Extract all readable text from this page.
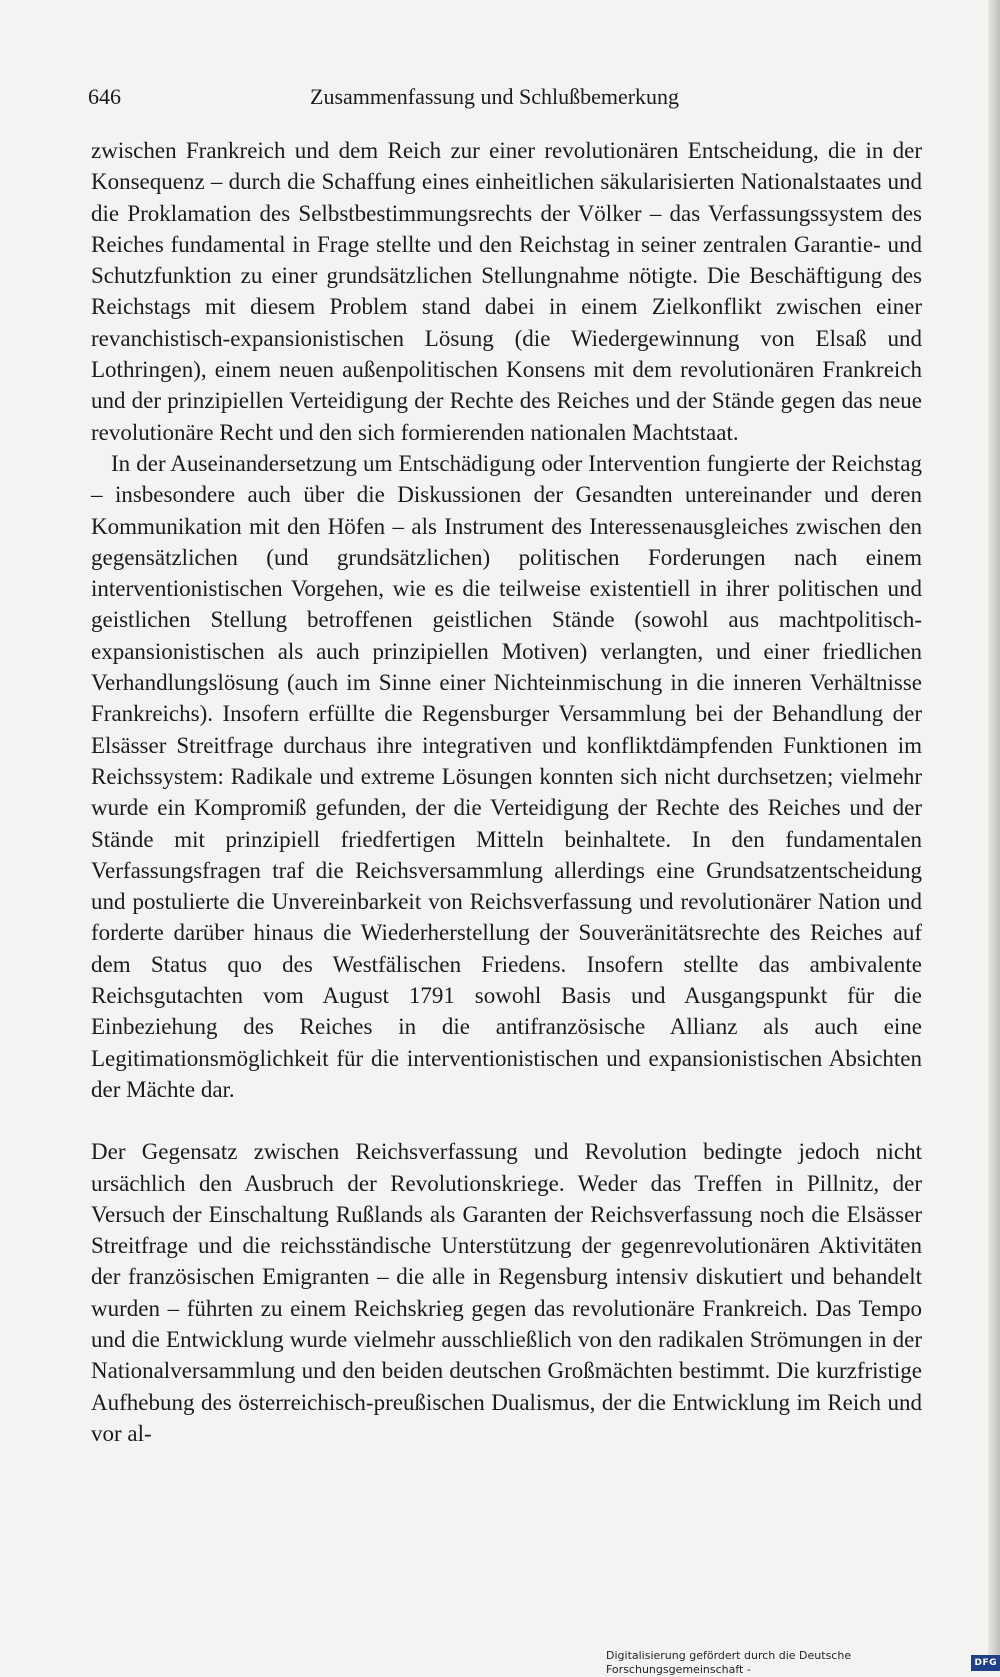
646	Zusammenfassung und Schlußbemerkung

zwischen Frankreich und dem Reich zur einer revolutionären Entscheidung, die in der Konsequenz – durch die Schaffung eines einheitlichen säkularisierten Nationalstaates und die Proklamation des Selbstbestimmungsrechts der Völker – das Verfassungssystem des Reiches fundamental in Frage stellte und den Reichstag in seiner zentralen Garantie- und Schutzfunktion zu einer grundsätzlichen Stellungnahme nötigte. Die Beschäftigung des Reichstags mit diesem Problem stand dabei in einem Zielkonflikt zwischen einer revanchistisch-expansionistischen Lösung (die Wiedergewinnung von Elsaß und Lothringen), einem neuen außenpolitischen Konsens mit dem revolutionären Frankreich und der prinzipiellen Verteidigung der Rechte des Reiches und der Stände gegen das neue revolutionäre Recht und den sich formierenden nationalen Machtstaat.

In der Auseinandersetzung um Entschädigung oder Intervention fungierte der Reichstag – insbesondere auch über die Diskussionen der Gesandten untereinander und deren Kommunikation mit den Höfen – als Instrument des Interessenausgleiches zwischen den gegensätzlichen (und grundsätzlichen) politischen Forderungen nach einem interventionistischen Vorgehen, wie es die teilweise existentiell in ihrer politischen und geistlichen Stellung betroffenen geistlichen Stände (sowohl aus machtpolitisch-expansionistischen als auch prinzipiellen Motiven) verlangten, und einer friedlichen Verhandlungslösung (auch im Sinne einer Nichteinmischung in die inneren Verhältnisse Frankreichs). Insofern erfüllte die Regensburger Versammlung bei der Behandlung der Elsässer Streitfrage durchaus ihre integrativen und konfliktdämpfenden Funktionen im Reichssystem: Radikale und extreme Lösungen konnten sich nicht durchsetzen; vielmehr wurde ein Kompromiß gefunden, der die Verteidigung der Rechte des Reiches und der Stände mit prinzipiell friedfertigen Mitteln beinhaltete. In den fundamentalen Verfassungsfragen traf die Reichsversammlung allerdings eine Grundsatzentscheidung und postulierte die Unvereinbarkeit von Reichsverfassung und revolutionärer Nation und forderte darüber hinaus die Wiederherstellung der Souveränitätsrechte des Reiches auf dem Status quo des Westfälischen Friedens. Insofern stellte das ambivalente Reichsgutachten vom August 1791 sowohl Basis und Ausgangspunkt für die Einbeziehung des Reiches in die antifranzösische Allianz als auch eine Legitimationsmöglichkeit für die interventionistischen und expansionistischen Absichten der Mächte dar.

Der Gegensatz zwischen Reichsverfassung und Revolution bedingte jedoch nicht ursächlich den Ausbruch der Revolutionskriege. Weder das Treffen in Pillnitz, der Versuch der Einschaltung Rußlands als Garanten der Reichsverfassung noch die Elsässer Streitfrage und die reichsständische Unterstützung der gegenrevolutionären Aktivitäten der französischen Emigranten – die alle in Regensburg intensiv diskutiert und behandelt wurden – führten zu einem Reichskrieg gegen das revolutionäre Frankreich. Das Tempo und die Entwicklung wurde vielmehr ausschließlich von den radikalen Strömungen in der Nationalversammlung und den beiden deutschen Großmächten bestimmt. Die kurzfristige Aufhebung des österreichisch-preußischen Dualismus, der die Entwicklung im Reich und vor al-

Digitalisierung gefördert durch die Deutsche Forschungsgemeinschaft -	DFG
